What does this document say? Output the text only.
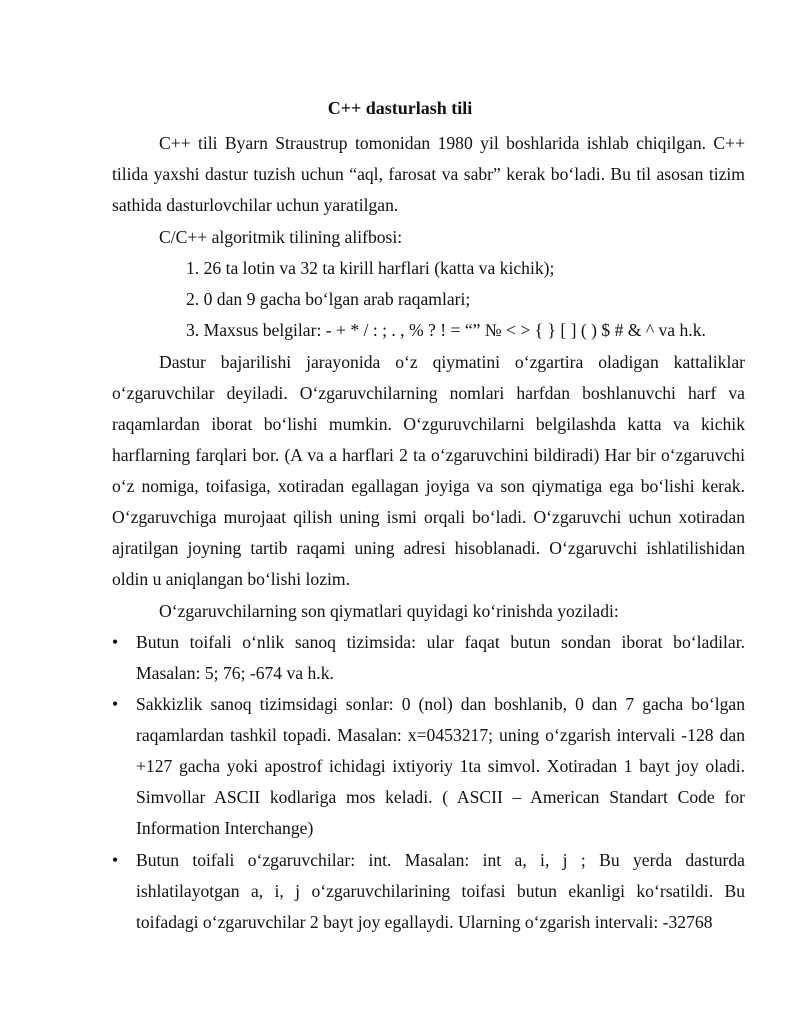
C++ dasturlash tili
C++ tili Byarn Straustrup tomonidan 1980 yil boshlarida ishlab chiqilgan. C++ tilida yaxshi dastur tuzish uchun “aql, farosat va sabr” kerak bo‘ladi. Bu til asosan tizim sathida dasturlovchilar uchun yaratilgan.
C/C++ algoritmik tilining alifbosi:
1. 26 ta lotin va 32 ta kirill harflari (katta va kichik);
2. 0 dan 9 gacha bo‘lgan arab raqamlari;
3. Maxsus belgilar: - + * / : ; . , % ? ! = “” № < > { } [ ] ( ) $ # & ^ va h.k.
Dastur bajarilishi jarayonida o‘z qiymatini o‘zgartira oladigan kattaliklar o‘zgaruvchilar deyiladi. O‘zgaruvchilarning nomlari harfdan boshlanuvchi harf va raqamlardan iborat bo‘lishi mumkin. O‘zguruvchilarni belgilashda katta va kichik harflarning farqlari bor. (A va a harflari 2 ta o‘zgaruvchini bildiradi) Har bir o‘zgaruvchi o‘z nomiga, toifasiga, xotiradan egallagan joyiga va son qiymatiga ega bo‘lishi kerak. O‘zgaruvchiga murojaat qilish uning ismi orqali bo‘ladi. O‘zgaruvchi uchun xotiradan ajratilgan joyning tartib raqami uning adresi hisoblanadi. O‘zgaruvchi ishlatilishidan oldin u aniqlangan bo‘lishi lozim.
O‘zgaruvchilarning son qiymatlari quyidagi ko‘rinishda yoziladi:
•	Butun toifali o‘nlik sanoq tizimsida: ular faqat butun sondan iborat bo‘ladilar. Masalan: 5; 76; -674 va h.k.
•	Sakkizlik sanoq tizimsidagi sonlar: 0 (nol) dan boshlanib, 0 dan 7 gacha bo‘lgan raqamlardan tashkil topadi. Masalan: x=0453217; uning o‘zgarish intervali -128 dan +127 gacha yoki apostrof ichidagi ixtiyoriy 1ta simvol. Xotiradan 1 bayt joy oladi. Simvollar ASCII kodlariga mos keladi. ( ASCII – American Standart Code for Information Interchange)
•	Butun toifali o‘zgaruvchilar: int. Masalan: int a, i, j ; Bu yerda dasturda ishlatilayotgan a, i, j o‘zgaruvchilarining toifasi butun ekanligi ko‘rsatildi. Bu toifadagi o‘zgaruvchilar 2 bayt joy egallaydi. Ularning o‘zgarish intervali: -32768
